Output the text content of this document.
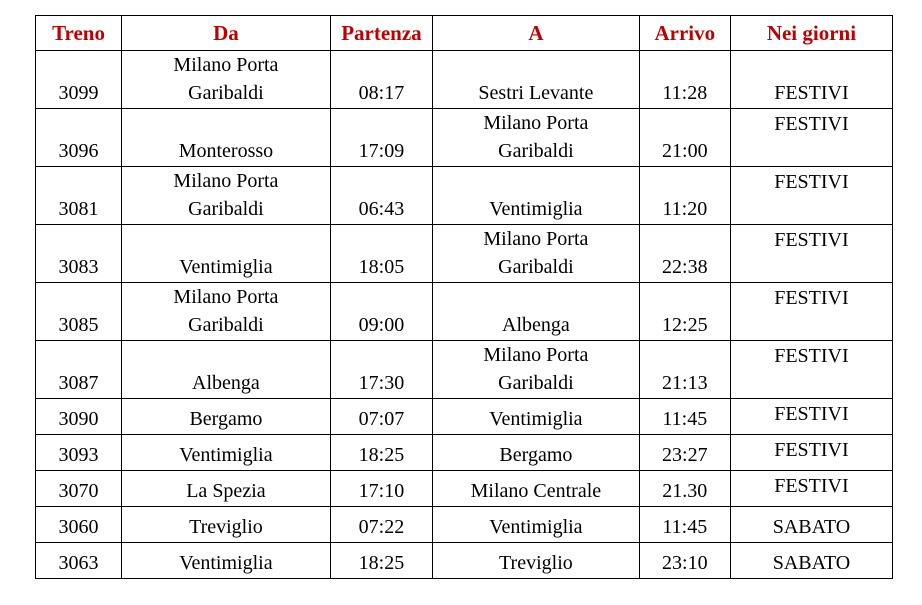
Treno	Da	Partenza	A	Arrivo	Nei giorni

3099	Milano Porta
Garibaldi	08:17	Sestri Levante	11:28	FESTIVI

3096	Monterosso	17:09	Milano Porta
Garibaldi	21:00	FESTIVI

3081	Milano Porta
Garibaldi	06:43	Ventimiglia	11:20	FESTIVI

3083	Ventimiglia	18:05	Milano Porta
Garibaldi	22:38	FESTIVI

3085	Milano Porta
Garibaldi	09:00	Albenga	12:25	FESTIVI

3087	Albenga	17:30	Milano Porta
Garibaldi	21:13	FESTIVI

3090	Bergamo	07:07	Ventimiglia	11:45	FESTIVI

3093	Ventimiglia	18:25	Bergamo	23:27	FESTIVI

3070	La Spezia	17:10	Milano Centrale	21.30	FESTIVI

3060	Treviglio	07:22	Ventimiglia	11:45	SABATO

3063	Ventimiglia	18:25	Treviglio	23:10	SABATO
